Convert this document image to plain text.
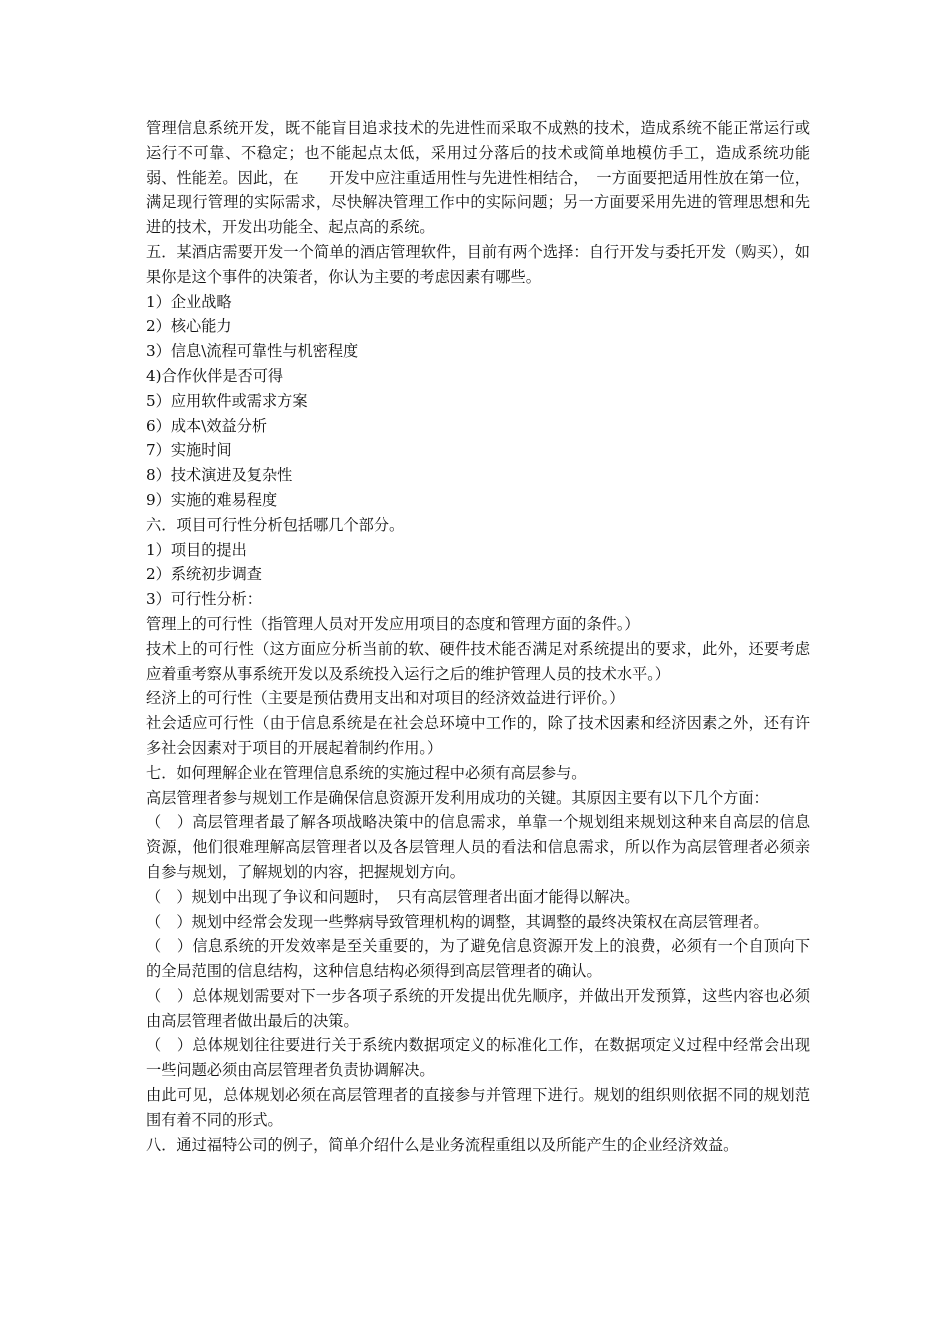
管理信息系统开发，既不能盲目追求技术的先进性而采取不成熟的技术，造成系统不能正常运行或运行不可靠、不稳定；也不能起点太低，采用过分落后的技术或简单地模仿手工，造成系统功能弱、性能差。因此，在　　开发中应注重适用性与先进性相结合，　一方面要把适用性放在第一位，满足现行管理的实际需求，尽快解决管理工作中的实际问题；另一方面要采用先进的管理思想和先进的技术，开发出功能全、起点高的系统。

五．某酒店需要开发一个简单的酒店管理软件，目前有两个选择：自行开发与委托开发（购买），如果你是这个事件的决策者，你认为主要的考虑因素有哪些。

1）企业战略

2）核心能力

3）信息\流程可靠性与机密程度

4)合作伙伴是否可得

5）应用软件或需求方案

6）成本\效益分析

7）实施时间

8）技术演进及复杂性

9）实施的难易程度

六．项目可行性分析包括哪几个部分。

1）项目的提出

2）系统初步调查

3）可行性分析：

管理上的可行性（指管理人员对开发应用项目的态度和管理方面的条件。）

技术上的可行性（这方面应分析当前的软、硬件技术能否满足对系统提出的要求，此外，还要考虑应着重考察从事系统开发以及系统投入运行之后的维护管理人员的技术水平。）

经济上的可行性（主要是预估费用支出和对项目的经济效益进行评价。）

社会适应可行性（由于信息系统是在社会总环境中工作的，除了技术因素和经济因素之外，还有许多社会因素对于项目的开展起着制约作用。）

七．如何理解企业在管理信息系统的实施过程中必须有高层参与。

高层管理者参与规划工作是确保信息资源开发利用成功的关键。其原因主要有以下几个方面：

（　）高层管理者最了解各项战略决策中的信息需求，单靠一个规划组来规划这种来自高层的信息资源，他们很难理解高层管理者以及各层管理人员的看法和信息需求，所以作为高层管理者必须亲自参与规划，了解规划的内容，把握规划方向。

（　）规划中出现了争议和问题时，　只有高层管理者出面才能得以解决。

（　）规划中经常会发现一些弊病导致管理机构的调整，其调整的最终决策权在高层管理者。

（　）信息系统的开发效率是至关重要的，为了避免信息资源开发上的浪费，必须有一个自顶向下的全局范围的信息结构，这种信息结构必须得到高层管理者的确认。

（　）总体规划需要对下一步各项子系统的开发提出优先顺序，并做出开发预算，这些内容也必须由高层管理者做出最后的决策。

（　）总体规划往往要进行关于系统内数据项定义的标准化工作，在数据项定义过程中经常会出现一些问题必须由高层管理者负责协调解决。

由此可见，总体规划必须在高层管理者的直接参与并管理下进行。规划的组织则依据不同的规划范围有着不同的形式。

八．通过福特公司的例子，简单介绍什么是业务流程重组以及所能产生的企业经济效益。
